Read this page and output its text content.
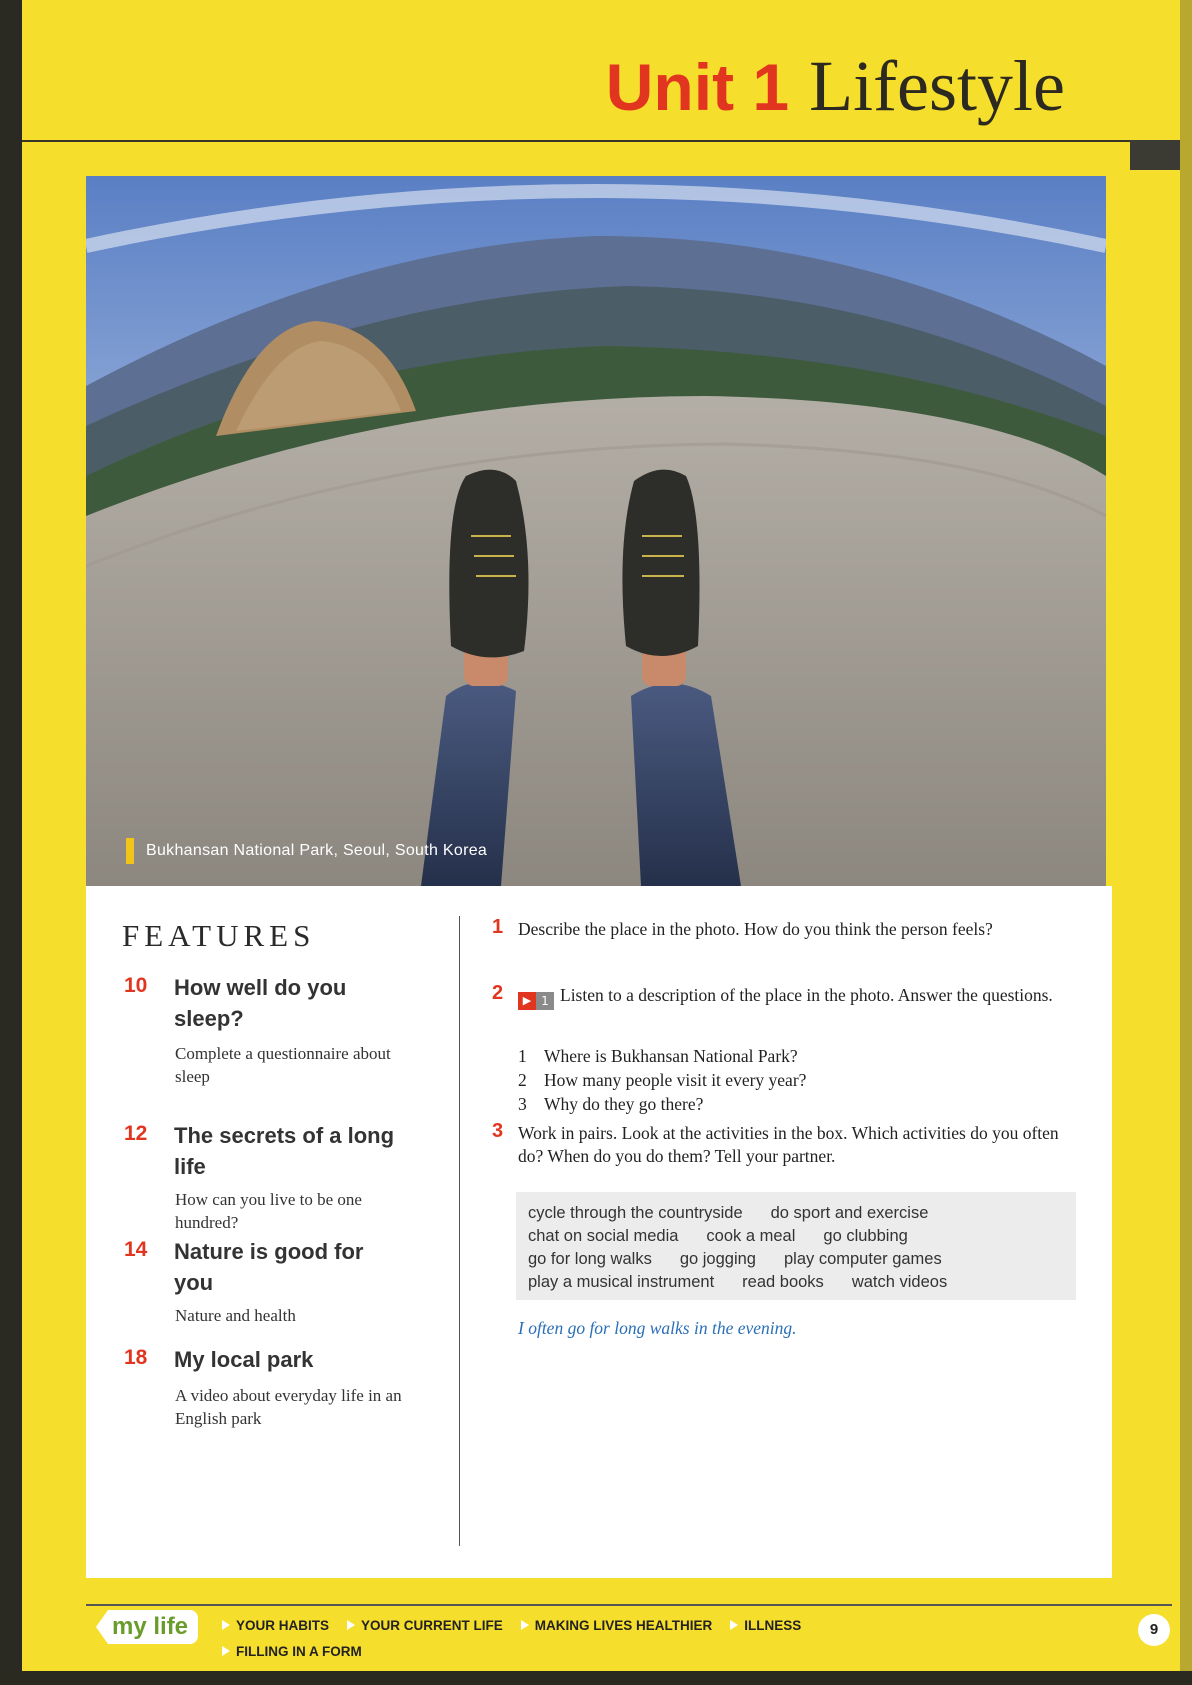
Unit 1 Lifestyle
Bukhansan National Park, Seoul, South Korea
FEATURES
10 How well do you sleep?
Complete a questionnaire about sleep
12 The secrets of a long life
How can you live to be one hundred?
14 Nature is good for you
Nature and health
18 My local park
A video about everyday life in an English park
1 Describe the place in the photo. How do you think the person feels?
2	▶ 1 Listen to a description of the place in the photo. Answer the questions.
1 Where is Bukhansan National Park?
2 How many people visit it every year?
3 Why do they go there?
3 Work in pairs. Look at the activities in the box. Which activities do you often do? When do you do them? Tell your partner.
cycle through the countryside do sport and exercise
chat on social media cook a meal go clubbing
go for long walks go jogging play computer games
play a musical instrument read books watch videos
I often go for long walks in the evening.
my life	YOUR HABITS YOUR CURRENT LIFE MAKING LIVES HEALTHIER ILLNESS
FILLING IN A FORM
9
